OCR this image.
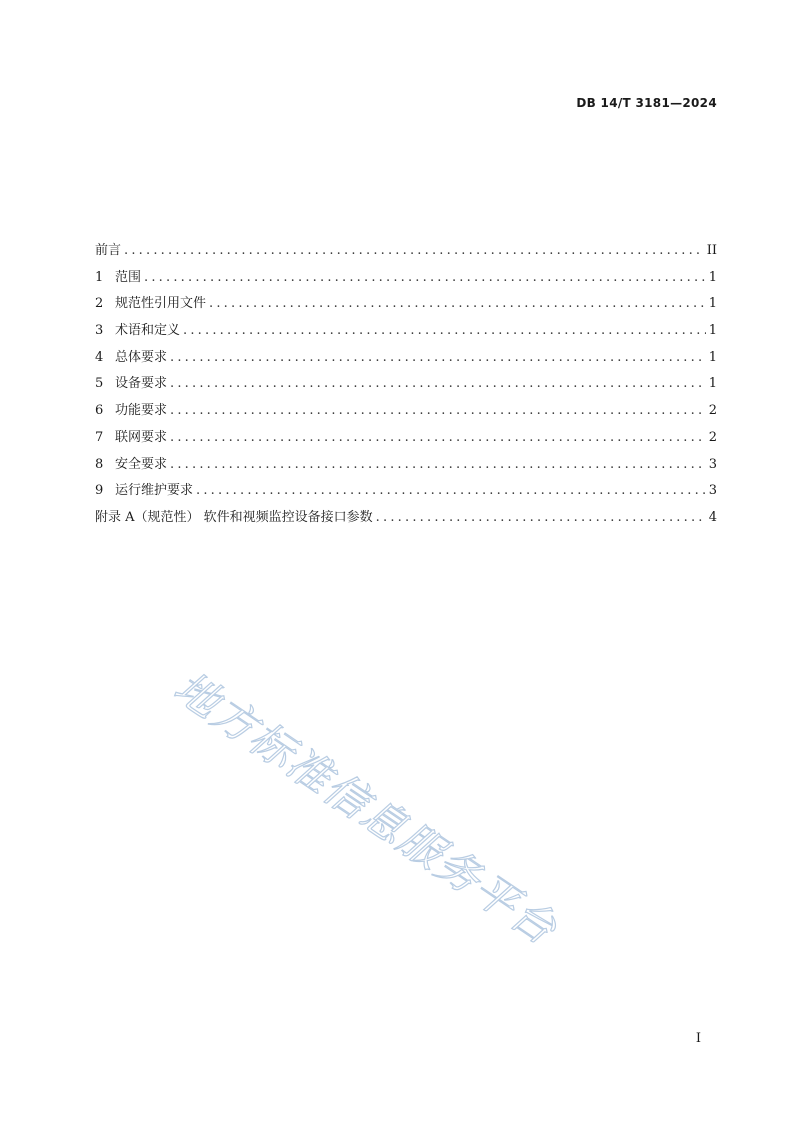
DB 14/T 3181—2024
前言 .....	II
1 范围 .....	1
2 规范性引用文件 .....	1
3 术语和定义 .....	1
4 总体要求 .....	1
5 设备要求 .....	1
6 功能要求 .....	2
7 联网要求 .....	2
8 安全要求 .....	3
9 运行维护要求 .....	3
附录 A（规范性） 软件和视频监控设备接口参数 .....	4
地方标准信息服务平台
I
